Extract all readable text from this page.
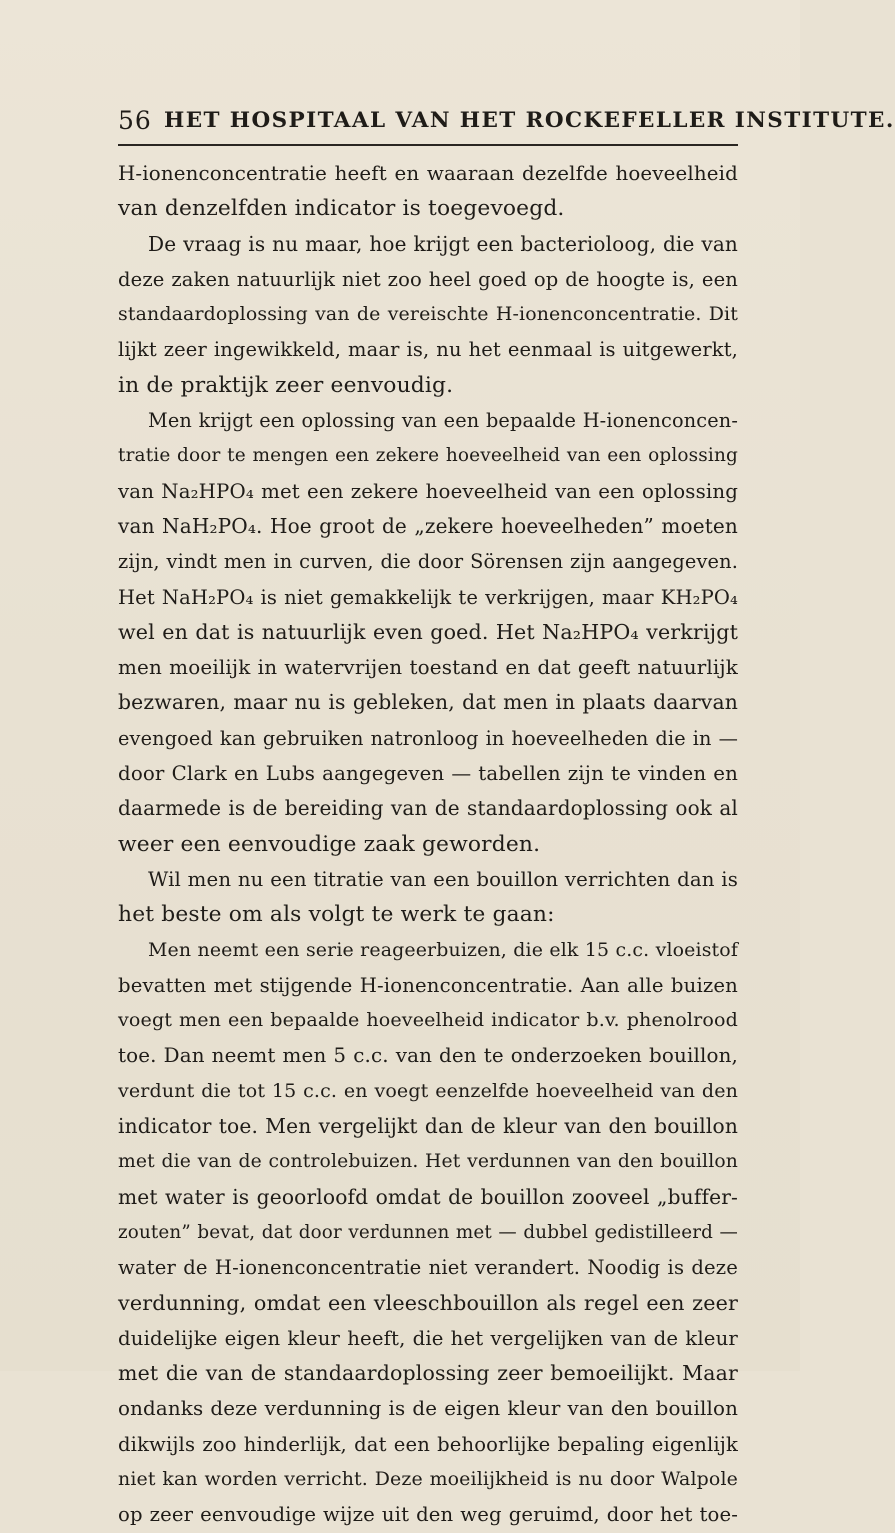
56 HET HOSPITAAL VAN HET ROCKEFELLER INSTITUTE.
H-ionenconcentratie heeft en waaraan dezelfde hoeveelheid
van denzelfden indicator is toegevoegd.
De vraag is nu maar, hoe krijgt een bacterioloog, die van
deze zaken natuurlijk niet zoo heel goed op de hoogte is, een
standaardoplossing van de vereischte H-ionenconcentratie. Dit
lijkt zeer ingewikkeld, maar is, nu het eenmaal is uitgewerkt,
in de praktijk zeer eenvoudig.
Men krijgt een oplossing van een bepaalde H-ionenconcen-
tratie door te mengen een zekere hoeveelheid van een oplossing
van Na₂HPO₄ met een zekere hoeveelheid van een oplossing
van NaH₂PO₄. Hoe groot de „zekere hoeveelheden” moeten
zijn, vindt men in curven, die door Sörensen zijn aangegeven.
Het NaH₂PO₄ is niet gemakkelijk te verkrijgen, maar KH₂PO₄
wel en dat is natuurlijk even goed. Het Na₂HPO₄ verkrijgt
men moeilijk in watervrijen toestand en dat geeft natuurlijk
bezwaren, maar nu is gebleken, dat men in plaats daarvan
evengoed kan gebruiken natronloog in hoeveelheden die in —
door Clark en Lubs aangegeven — tabellen zijn te vinden en
daarmede is de bereiding van de standaardoplossing ook al
weer een eenvoudige zaak geworden.
Wil men nu een titratie van een bouillon verrichten dan is
het beste om als volgt te werk te gaan:
Men neemt een serie reageerbuizen, die elk 15 c.c. vloeistof
bevatten met stijgende H-ionenconcentratie. Aan alle buizen
voegt men een bepaalde hoeveelheid indicator b.v. phenolrood
toe. Dan neemt men 5 c.c. van den te onderzoeken bouillon,
verdunt die tot 15 c.c. en voegt eenzelfde hoeveelheid van den
indicator toe. Men vergelijkt dan de kleur van den bouillon
met die van de controlebuizen. Het verdunnen van den bouillon
met water is geoorloofd omdat de bouillon zooveel „buffer-
zouten” bevat, dat door verdunnen met — dubbel gedistilleerd —
water de H-ionenconcentratie niet verandert. Noodig is deze
verdunning, omdat een vleeschbouillon als regel een zeer
duidelijke eigen kleur heeft, die het vergelijken van de kleur
met die van de standaardoplossing zeer bemoeilijkt. Maar
ondanks deze verdunning is de eigen kleur van den bouillon
dikwijls zoo hinderlijk, dat een behoorlijke bepaling eigenlijk
niet kan worden verricht. Deze moeilijkheid is nu door Walpole
op zeer eenvoudige wijze uit den weg geruimd, door het toe-
